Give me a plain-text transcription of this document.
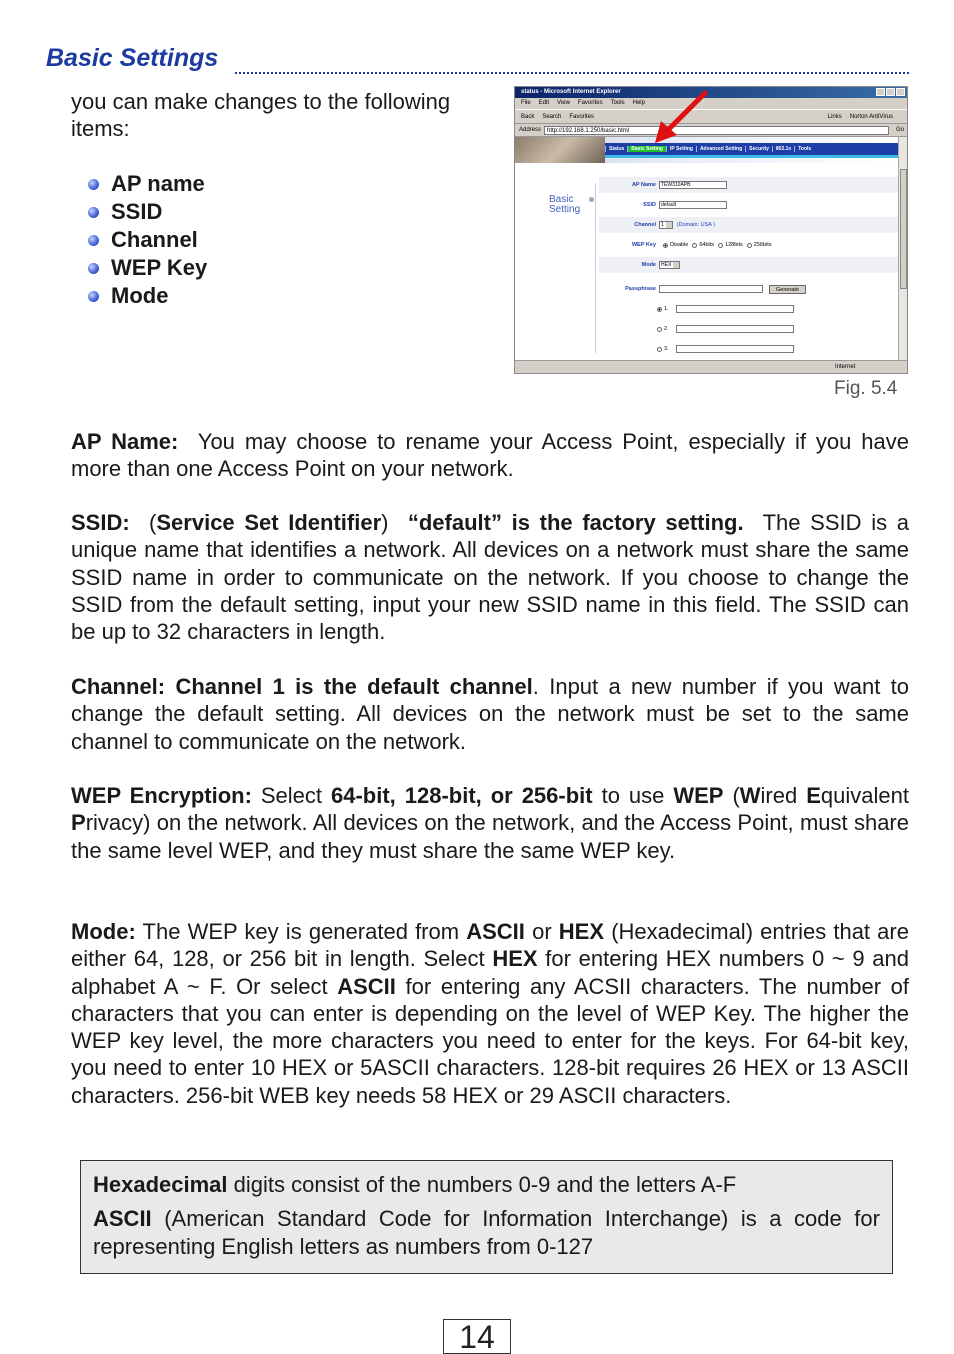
Basic Settings
you can make changes to the following items:
AP name
SSID
Channel
WEP Key
Mode
status - Microsoft Internet Explorer
File Edit View Favorites Tools Help
Back Search Favorites	Links Norton AntiVirus
Address	http://192.168.1.250/basic.html	Go
Status	Basic Setting	IP Setting	Advanced Setting	Security	802.1x	Tools
Basic Setting
AP Name	TEW310APB
SSID	default
Channel	1 (Domain: USA )
WEP Key	Disable 64bits 128bits 256bits
Mode	HEX
Passphrase	Generate
1.
2.
3.
Internet
Fig. 5.4
AP Name: You may choose to rename your Access Point, especially if you have more than one Access Point on your network.
SSID: (Service Set Identifier) “default” is the factory setting. The SSID is a unique name that identifies a network. All devices on a network must share the same SSID name in order to communicate on the network. If you choose to change the SSID from the default setting, input your new SSID name in this field. The SSID can be up to 32 characters in length.
Channel: Channel 1 is the default channel. Input a new number if you want to change the default setting. All devices on the network must be set to the same channel to communicate on the network.
WEP Encryption: Select 64-bit, 128-bit, or 256-bit to use WEP (Wired Equivalent Privacy) on the network. All devices on the network, and the Access Point, must share the same level WEP, and they must share the same WEP key.
Mode: The WEP key is generated from ASCII or HEX (Hexadecimal) entries that are either 64, 128, or 256 bit in length. Select HEX for entering HEX numbers 0 ~ 9 and alphabet A ~ F. Or select ASCII for entering any ACSII characters. The number of characters that you can enter is depending on the level of WEP Key. The higher the WEP key level, the more characters you need to enter for the keys. For 64-bit key, you need to enter 10 HEX or 5ASCII characters. 128-bit requires 26 HEX or 13 ASCII characters. 256-bit WEB key needs 58 HEX or 29 ASCII characters.

Hexadecimal digits consist of the numbers 0-9 and the letters A-F

ASCII (American Standard Code for Information Interchange) is a code for representing English letters as numbers from 0-127

14
